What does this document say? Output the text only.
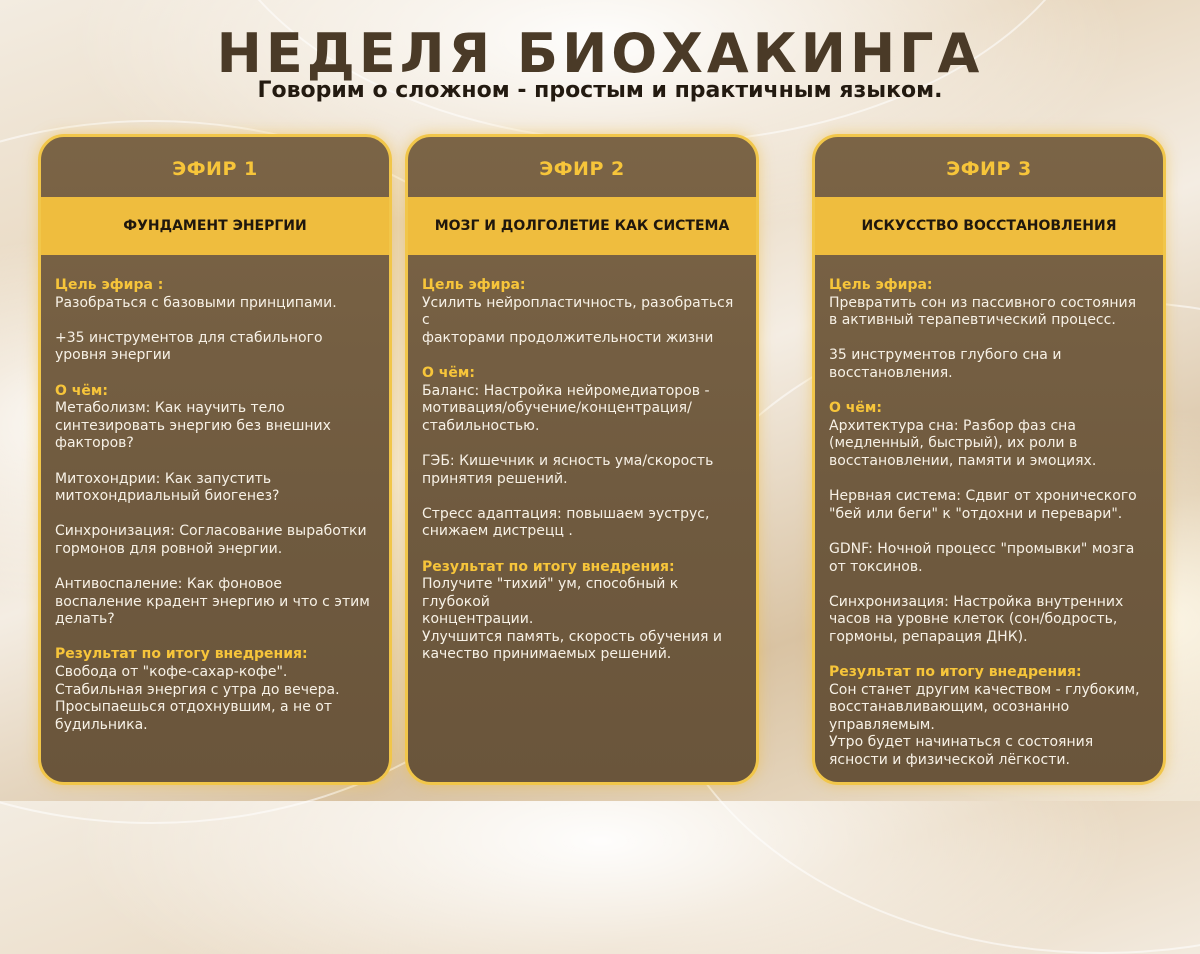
НЕДЕЛЯ БИОХАКИНГА

Говорим о сложном - простым и практичным языком.

ЭФИР 1
ФУНДАМЕНТ ЭНЕРГИИ

Цель эфира :
Разобраться с базовыми принципами.

+35 инструментов для стабильного
уровня энергии

О чём:
Метаболизм: Как научить тело
синтезировать энергию без внешних
факторов?

Митохондрии: Как запустить
митохондриальный биогенез?

Синхронизация: Согласование выработки
гормонов для ровной энергии.

Антивоспаление: Как фоновое
воспаление крадент энергию и что с этим
делать?

Результат по итогу внедрения:
Свобода от "кофе-сахар-кофе".
Стабильная энергия с утра до вечера.
Просыпаешься отдохнувшим, а не от
будильника.

ЭФИР 2
МОЗГ И ДОЛГОЛЕТИЕ КАК СИСТЕМА

Цель эфира:
Усилить нейропластичность, разобраться с
факторами продолжительности жизни

О чём:
Баланс: Настройка нейромедиаторов -
мотивация/обучение/концентрация/
стабильностью.

ГЭБ: Кишечник и ясность ума/скорость
принятия решений.

Стресс адаптация: повышаем эуструс,
снижаем дистрецц .

Результат по итогу внедрения:
Получите "тихий" ум, способный к глубокой
концентрации.
Улучшится память, скорость обучения и
качество принимаемых решений.

ЭФИР 3
ИСКУССТВО ВОССТАНОВЛЕНИЯ

Цель эфира:
Превратить сон из пассивного состояния
в активный терапевтический процесс.

35 инструментов глубого сна и
восстановления.

О чём:
Архитектура сна: Разбор фаз сна
(медленный, быстрый), их роли в
восстановлении, памяти и эмоциях.

Нервная система: Сдвиг от хронического
"бей или беги" к "отдохни и перевари".

GDNF: Ночной процесс "промывки" мозга
от токсинов.

Синхронизация: Настройка внутренних
часов на уровне клеток (сон/бодрость,
гормоны, репарация ДНК).

Результат по итогу внедрения:
Сон станет другим качеством - глубоким,
восстанавливающим, осознанно
управляемым.
Утро будет начинаться с состояния
ясности и физической лёгкости.
